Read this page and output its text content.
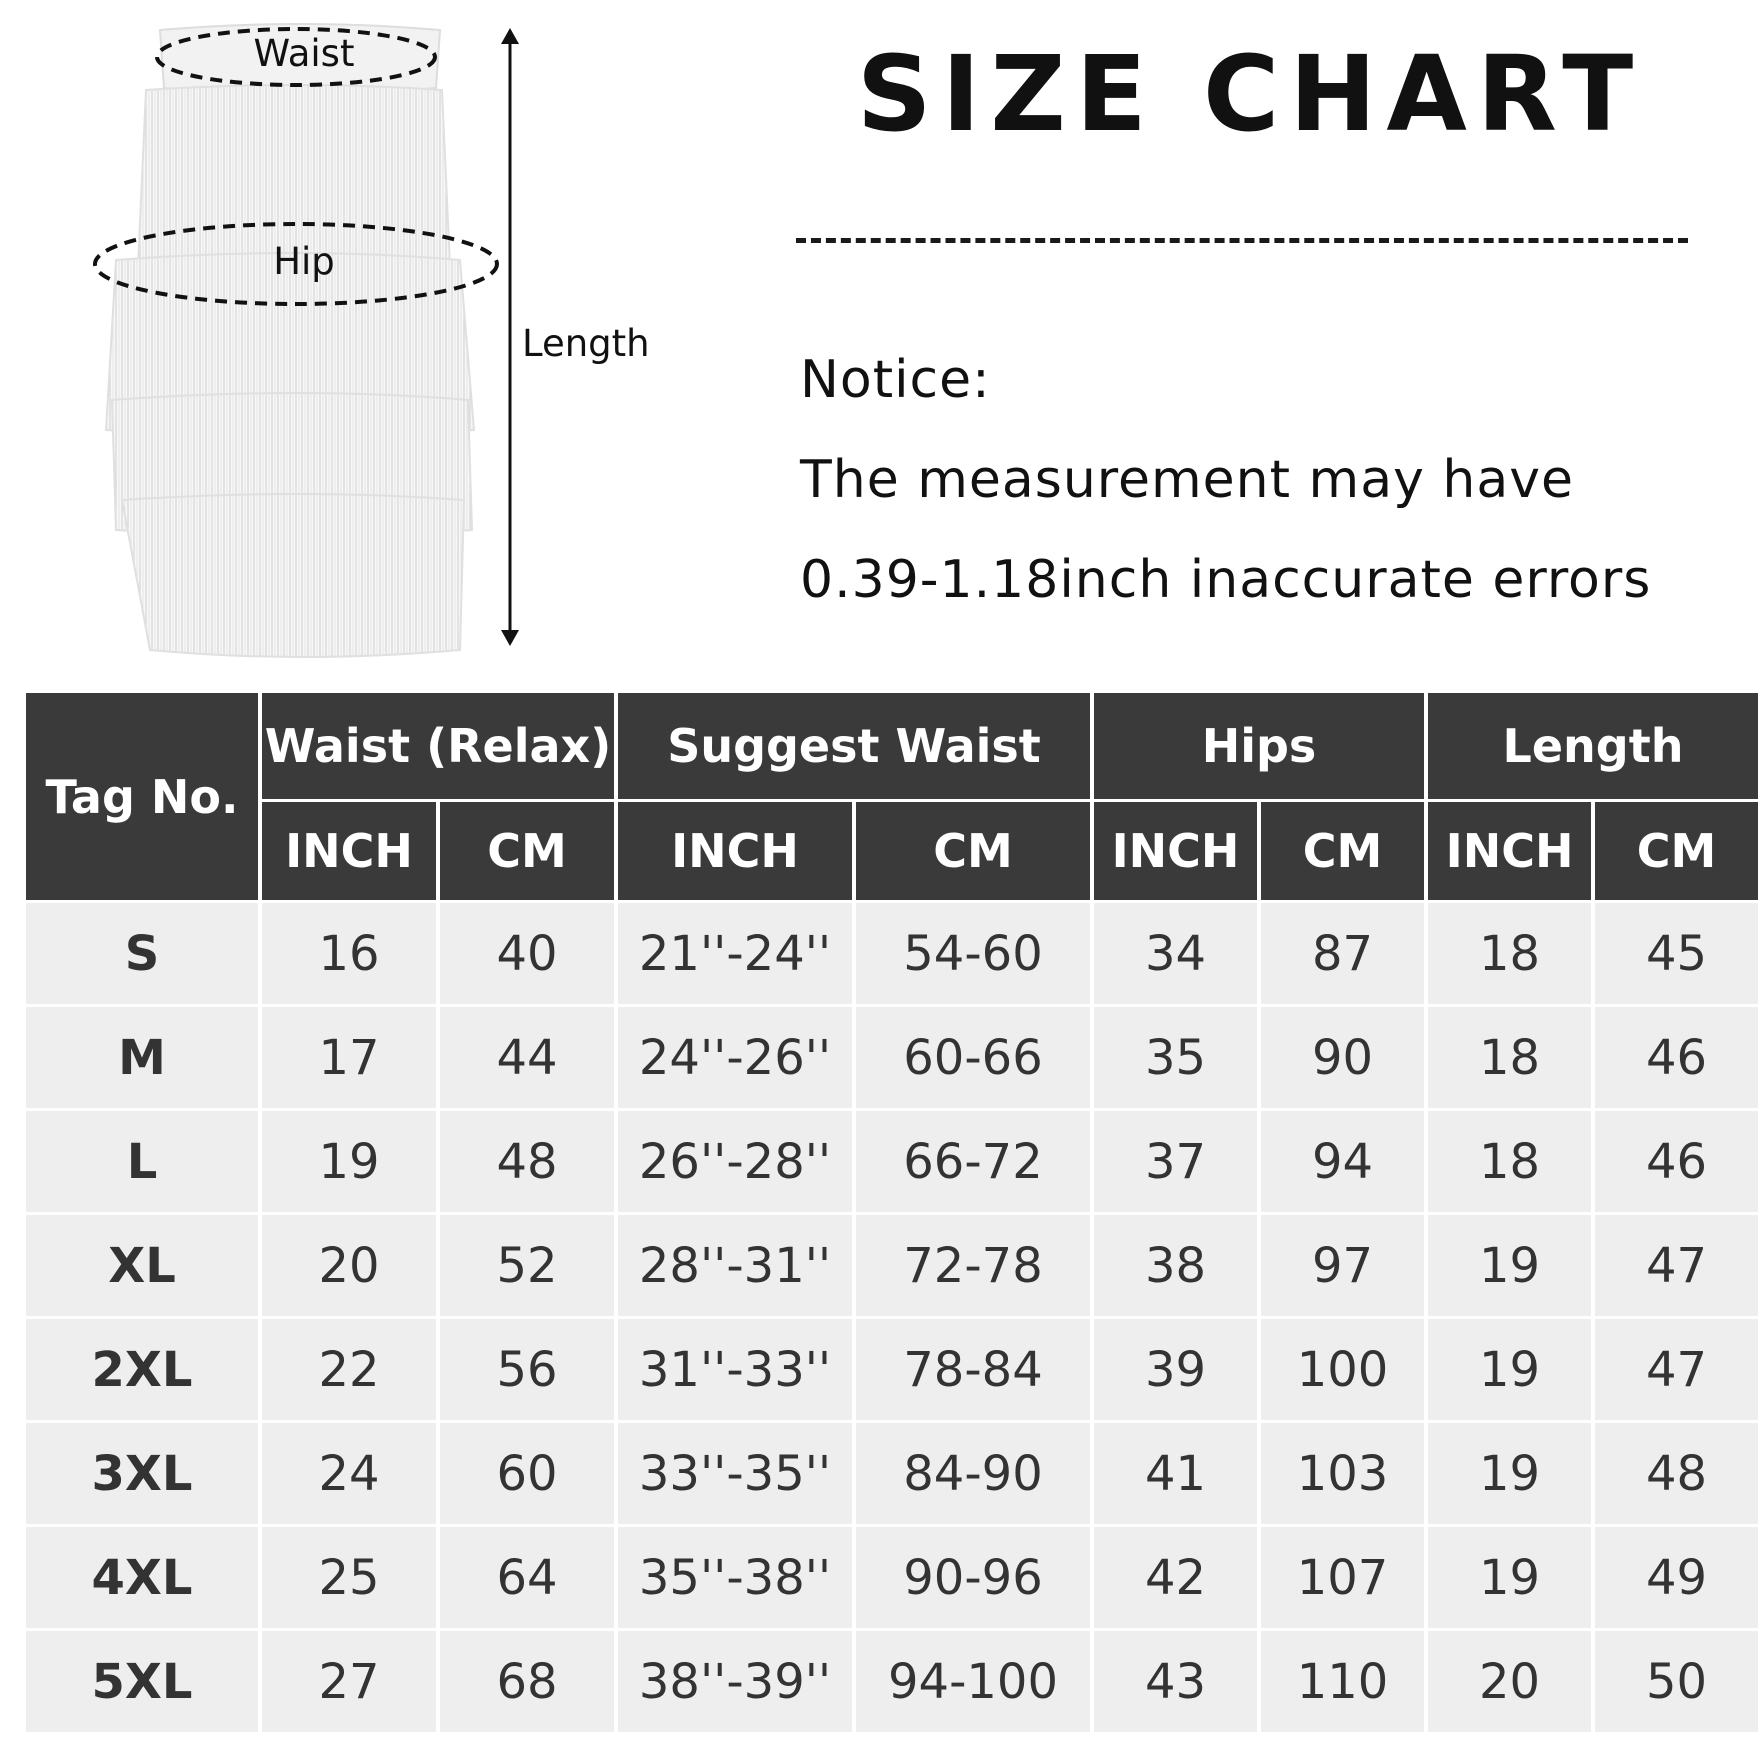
Waist
Hip
Length
SIZE CHART
Notice:
The measurement may have
0.39-1.18inch inaccurate errors
Tag No.	Waist (Relax)		Suggest Waist		Hips		Length	
	INCH	CM	INCH	CM	INCH	CM	INCH	CM
S	16	40	21''-24''	54-60	34	87	18	45
M	17	44	24''-26''	60-66	35	90	18	46
L	19	48	26''-28''	66-72	37	94	18	46
XL	20	52	28''-31''	72-78	38	97	19	47
2XL	22	56	31''-33''	78-84	39	100	19	47
3XL	24	60	33''-35''	84-90	41	103	19	48
4XL	25	64	35''-38''	90-96	42	107	19	49
5XL	27	68	38''-39''	94-100	43	110	20	50
